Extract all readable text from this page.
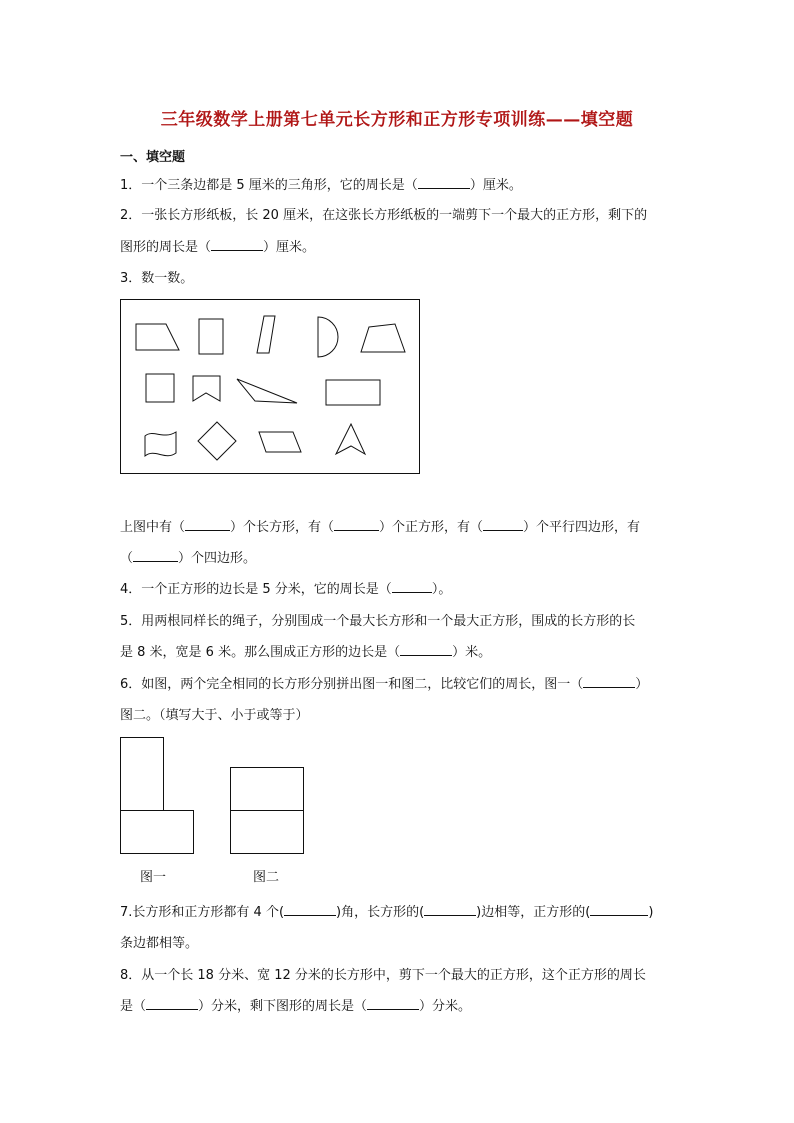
三年级数学上册第七单元长方形和正方形专项训练——填空题
一、填空题
1．一个三条边都是 5 厘米的三角形，它的周长是（	）厘米。
2．一张长方形纸板，长 20 厘米，在这张长方形纸板的一端剪下一个最大的正方形，剩下的
图形的周长是（	）厘米。
3．数一数。
上图中有（	）个长方形，有（	）个正方形，有（	）个平行四边形，有
（	）个四边形。
4．一个正方形的边长是 5 分米，它的周长是（	）。
5．用两根同样长的绳子，分别围成一个最大长方形和一个最大正方形，围成的长方形的长
是 8 米，宽是 6 米。那么围成正方形的边长是（	）米。
6．如图，两个完全相同的长方形分别拼出图一和图二，比较它们的周长，图一（	）
图二。（填写大于、小于或等于）
图一	图二
7.长方形和正方形都有 4 个(	)角，长方形的(	)边相等，正方形的(	)
条边都相等。
8．从一个长 18 分米、宽 12 分米的长方形中，剪下一个最大的正方形，这个正方形的周长
是（	）分米，剩下图形的周长是（	）分米。
